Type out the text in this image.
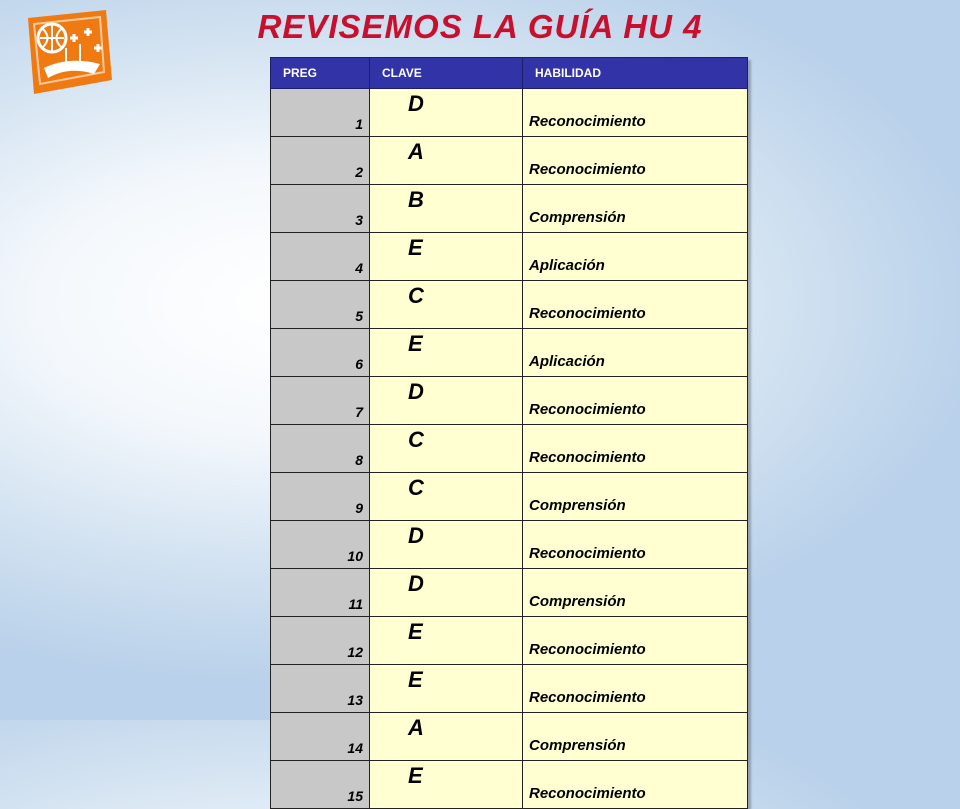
REVISEMOS LA GUÍA HU 4
PREG	CLAVE	HABILIDAD
1	D	Reconocimiento
2	A	Reconocimiento
3	B	Comprensión
4	E	Aplicación
5	C	Reconocimiento
6	E	Aplicación
7	D	Reconocimiento
8	C	Reconocimiento
9	C	Comprensión
10	D	Reconocimiento
11	D	Comprensión
12	E	Reconocimiento
13	E	Reconocimiento
14	A	Comprensión
15	E	Reconocimiento
